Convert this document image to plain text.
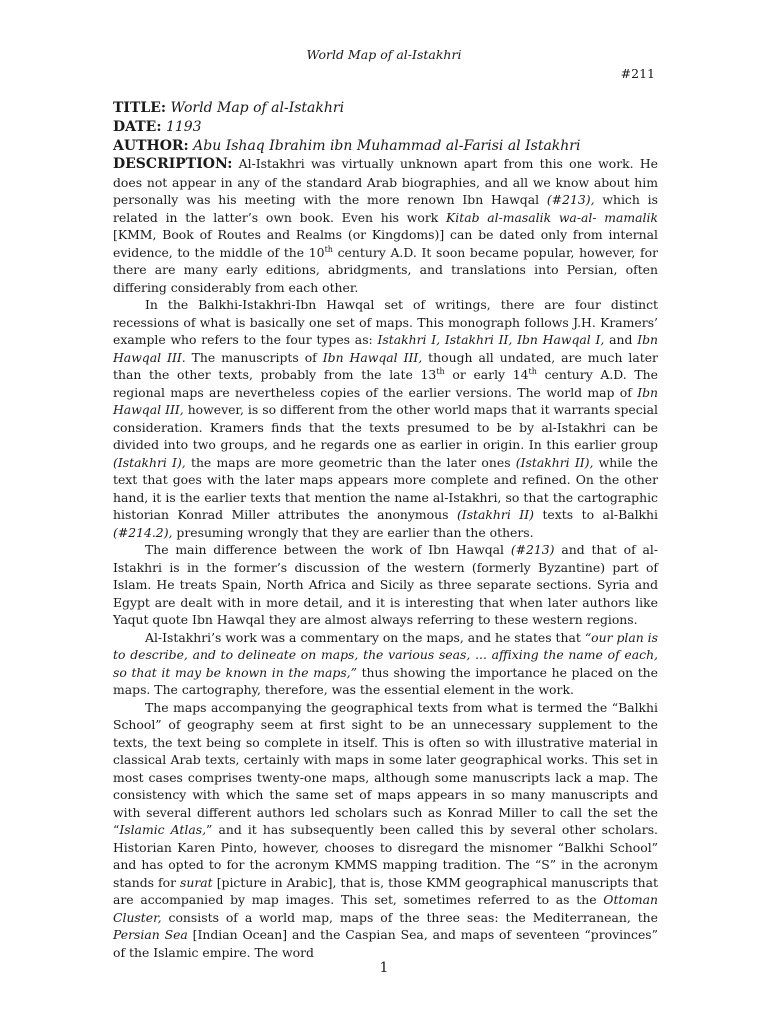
World Map of al-Istakhri
#211
TITLE: World Map of al-Istakhri
DATE: 1193
AUTHOR: Abu Ishaq Ibrahim ibn Muhammad al-Farisi al Istakhri

DESCRIPTION: Al-Istakhri was virtually unknown apart from this one work. He does not appear in any of the standard Arab biographies, and all we know about him personally was his meeting with the more renown Ibn Hawqal (#213), which is related in the latter’s own book. Even his work Kitab al-masalik wa-al- mamalik [KMM, Book of Routes and Realms (or Kingdoms)] can be dated only from internal evidence, to the middle of the 10th century A.D. It soon became popular, however, for there are many early editions, abridgments, and translations into Persian, often differing considerably from each other.

In the Balkhi-Istakhri-Ibn Hawqal set of writings, there are four distinct recessions of what is basically one set of maps. This monograph follows J.H. Kramers’ example who refers to the four types as: Istakhri I, Istakhri II, Ibn Hawqal I, and Ibn Hawqal III. The manuscripts of Ibn Hawqal III, though all undated, are much later than the other texts, probably from the late 13th or early 14th century A.D. The regional maps are nevertheless copies of the earlier versions. The world map of Ibn Hawqal III, however, is so different from the other world maps that it warrants special consideration. Kramers finds that the texts presumed to be by al-Istakhri can be divided into two groups, and he regards one as earlier in origin. In this earlier group (Istakhri I), the maps are more geometric than the later ones (Istakhri II), while the text that goes with the later maps appears more complete and refined. On the other hand, it is the earlier texts that mention the name al-Istakhri, so that the cartographic historian Konrad Miller attributes the anonymous (Istakhri II) texts to al-Balkhi (#214.2), presuming wrongly that they are earlier than the others.

The main difference between the work of Ibn Hawqal (#213) and that of al-Istakhri is in the former’s discussion of the western (formerly Byzantine) part of Islam. He treats Spain, North Africa and Sicily as three separate sections. Syria and Egypt are dealt with in more detail, and it is interesting that when later authors like Yaqut quote Ibn Hawqal they are almost always referring to these western regions.

Al-Istakhri’s work was a commentary on the maps, and he states that “our plan is to describe, and to delineate on maps, the various seas, ... affixing the name of each, so that it may be known in the maps,” thus showing the importance he placed on the maps. The cartography, therefore, was the essential element in the work.

The maps accompanying the geographical texts from what is termed the “Balkhi School” of geography seem at first sight to be an unnecessary supplement to the texts, the text being so complete in itself. This is often so with illustrative material in classical Arab texts, certainly with maps in some later geographical works. This set in most cases comprises twenty-one maps, although some manuscripts lack a map. The consistency with which the same set of maps appears in so many manuscripts and with several different authors led scholars such as Konrad Miller to call the set the “Islamic Atlas,” and it has subsequently been called this by several other scholars. Historian Karen Pinto, however, chooses to disregard the misnomer “Balkhi School” and has opted to for the acronym KMMS mapping tradition. The “S” in the acronym stands for surat [picture in Arabic], that is, those KMM geographical manuscripts that are accompanied by map images. This set, sometimes referred to as the Ottoman Cluster, consists of a world map, maps of the three seas: the Mediterranean, the Persian Sea [Indian Ocean] and the Caspian Sea, and maps of seventeen “provinces” of the Islamic empire. The word

1
